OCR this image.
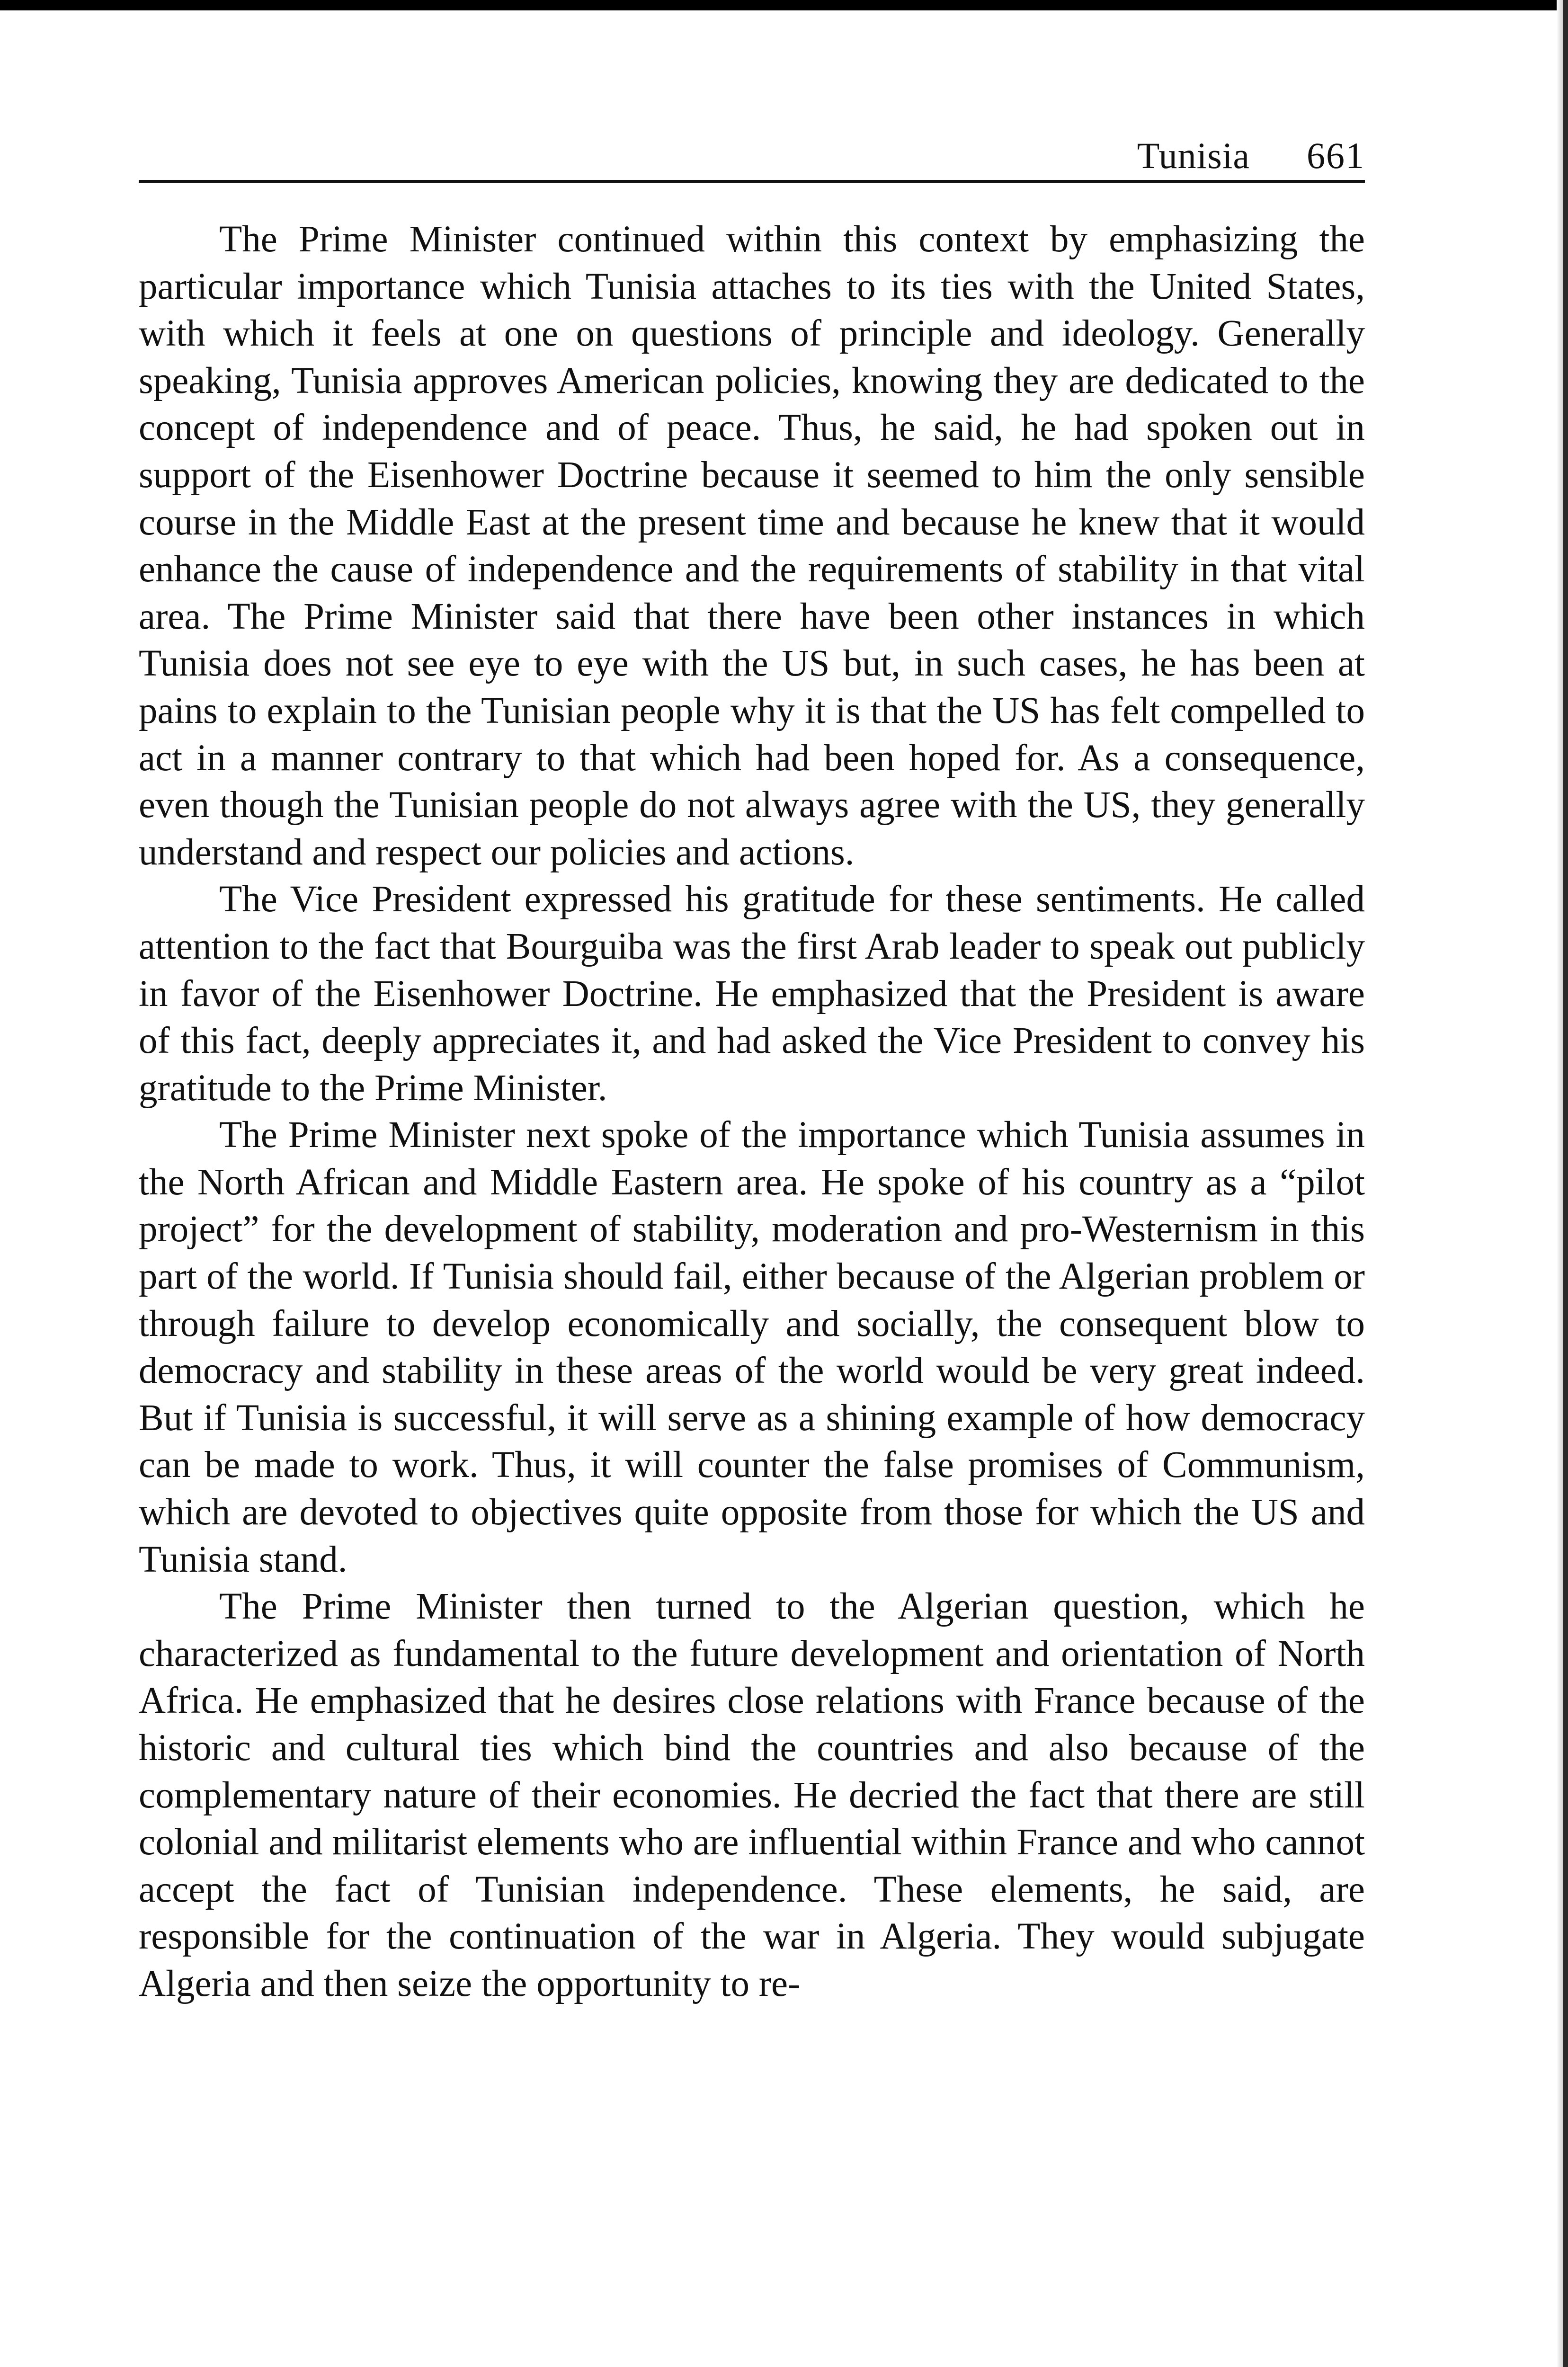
Tunisia 661

The Prime Minister continued within this context by emphasizing the particular importance which Tunisia attaches to its ties with the United States, with which it feels at one on questions of principle and ideology. Generally speaking, Tunisia approves American policies, knowing they are dedicated to the concept of independence and of peace. Thus, he said, he had spoken out in support of the Eisenhower Doctrine because it seemed to him the only sensible course in the Middle East at the present time and because he knew that it would enhance the cause of independence and the requirements of stability in that vital area. The Prime Minister said that there have been other instances in which Tunisia does not see eye to eye with the US but, in such cases, he has been at pains to explain to the Tunisian people why it is that the US has felt compelled to act in a manner contrary to that which had been hoped for. As a consequence, even though the Tunisian people do not always agree with the US, they generally understand and respect our policies and actions.

The Vice President expressed his gratitude for these sentiments. He called attention to the fact that Bourguiba was the first Arab leader to speak out publicly in favor of the Eisenhower Doctrine. He emphasized that the President is aware of this fact, deeply appreciates it, and had asked the Vice President to convey his gratitude to the Prime Minister.

The Prime Minister next spoke of the importance which Tunisia assumes in the North African and Middle Eastern area. He spoke of his country as a “pilot project” for the development of stability, moderation and pro-Westernism in this part of the world. If Tunisia should fail, either because of the Algerian problem or through failure to develop economically and socially, the consequent blow to democracy and stability in these areas of the world would be very great indeed. But if Tunisia is successful, it will serve as a shining example of how democracy can be made to work. Thus, it will counter the false promises of Communism, which are devoted to objectives quite opposite from those for which the US and Tunisia stand.

The Prime Minister then turned to the Algerian question, which he characterized as fundamental to the future development and orientation of North Africa. He emphasized that he desires close relations with France because of the historic and cultural ties which bind the countries and also because of the complementary nature of their economies. He decried the fact that there are still colonial and militarist elements who are influential within France and who cannot accept the fact of Tunisian independence. These elements, he said, are responsible for the continuation of the war in Algeria. They would subjugate Algeria and then seize the opportunity to re-
